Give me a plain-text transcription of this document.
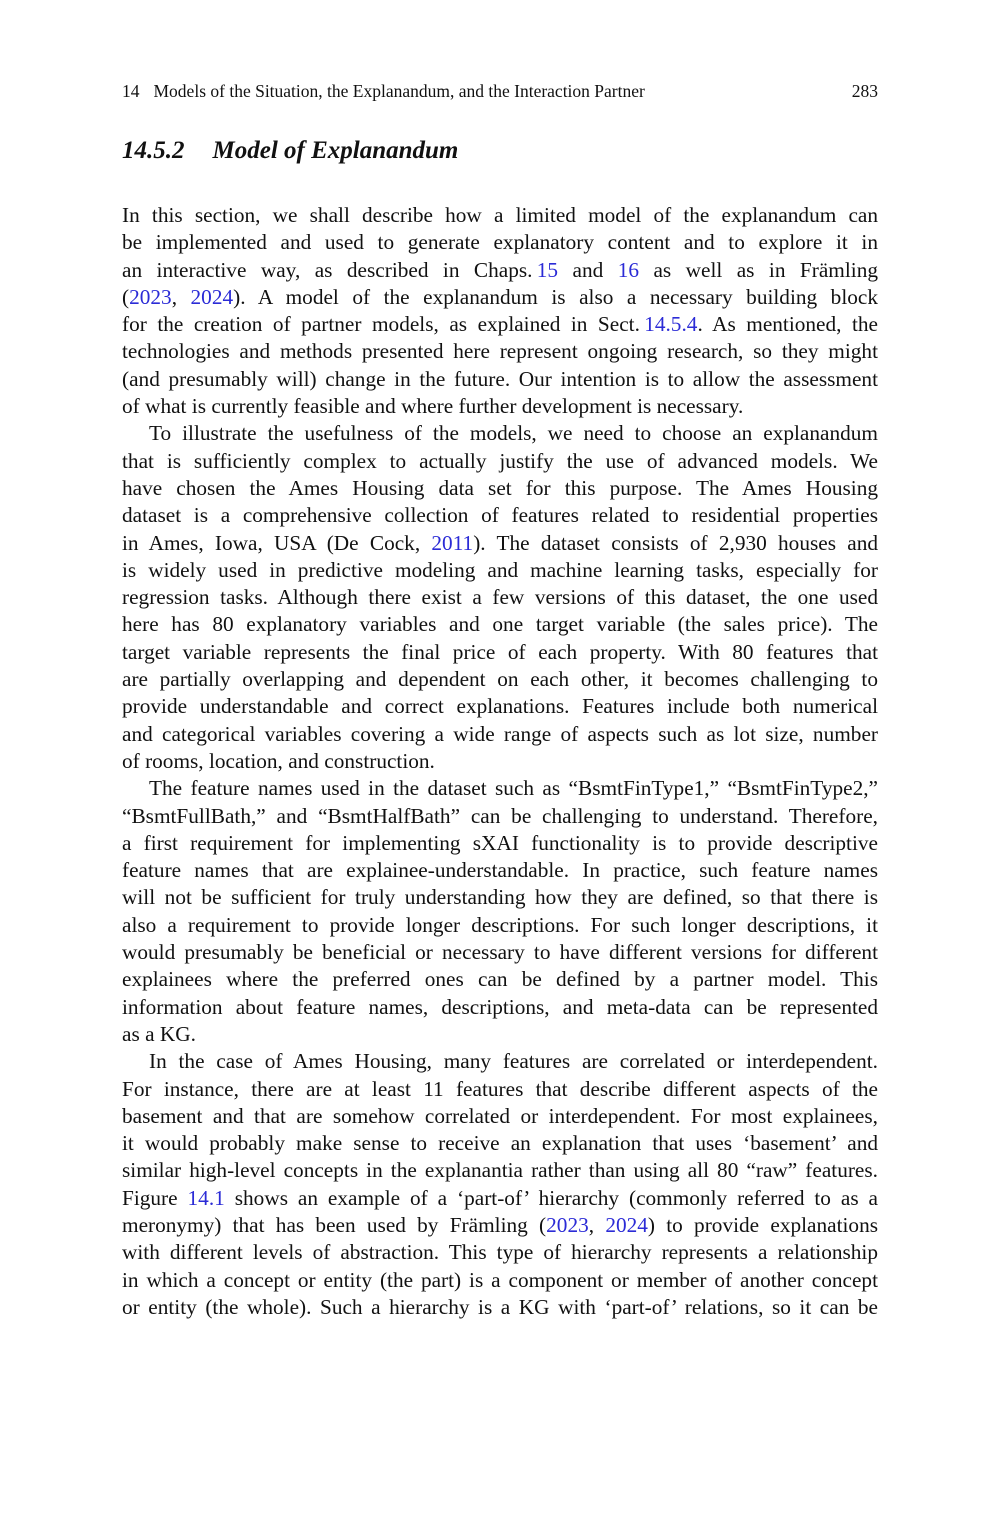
14 Models of the Situation, the Explanandum, and the Interaction Partner	283
14.5.2 Model of Explanandum
In this section, we shall describe how a limited model of the explanandum can
be implemented and used to generate explanatory content and to explore it in
an interactive way, as described in Chaps. 15 and 16 as well as in Främling
(2023, 2024). A model of the explanandum is also a necessary building block
for the creation of partner models, as explained in Sect. 14.5.4. As mentioned, the
technologies and methods presented here represent ongoing research, so they might
(and presumably will) change in the future. Our intention is to allow the assessment
of what is currently feasible and where further development is necessary.
To illustrate the usefulness of the models, we need to choose an explanandum
that is sufficiently complex to actually justify the use of advanced models. We
have chosen the Ames Housing data set for this purpose. The Ames Housing
dataset is a comprehensive collection of features related to residential properties
in Ames, Iowa, USA (De Cock, 2011). The dataset consists of 2,930 houses and
is widely used in predictive modeling and machine learning tasks, especially for
regression tasks. Although there exist a few versions of this dataset, the one used
here has 80 explanatory variables and one target variable (the sales price). The
target variable represents the final price of each property. With 80 features that
are partially overlapping and dependent on each other, it becomes challenging to
provide understandable and correct explanations. Features include both numerical
and categorical variables covering a wide range of aspects such as lot size, number
of rooms, location, and construction.
The feature names used in the dataset such as “BsmtFinType1,” “BsmtFinType2,”
“BsmtFullBath,” and “BsmtHalfBath” can be challenging to understand. Therefore,
a first requirement for implementing sXAI functionality is to provide descriptive
feature names that are explainee-understandable. In practice, such feature names
will not be sufficient for truly understanding how they are defined, so that there is
also a requirement to provide longer descriptions. For such longer descriptions, it
would presumably be beneficial or necessary to have different versions for different
explainees where the preferred ones can be defined by a partner model. This
information about feature names, descriptions, and meta-data can be represented
as a KG.
In the case of Ames Housing, many features are correlated or interdependent.
For instance, there are at least 11 features that describe different aspects of the
basement and that are somehow correlated or interdependent. For most explainees,
it would probably make sense to receive an explanation that uses ‘basement’ and
similar high-level concepts in the explanantia rather than using all 80 “raw” features.
Figure 14.1 shows an example of a ‘part-of’ hierarchy (commonly referred to as a
meronymy) that has been used by Främling (2023, 2024) to provide explanations
with different levels of abstraction. This type of hierarchy represents a relationship
in which a concept or entity (the part) is a component or member of another concept
or entity (the whole). Such a hierarchy is a KG with ‘part-of’ relations, so it can be
